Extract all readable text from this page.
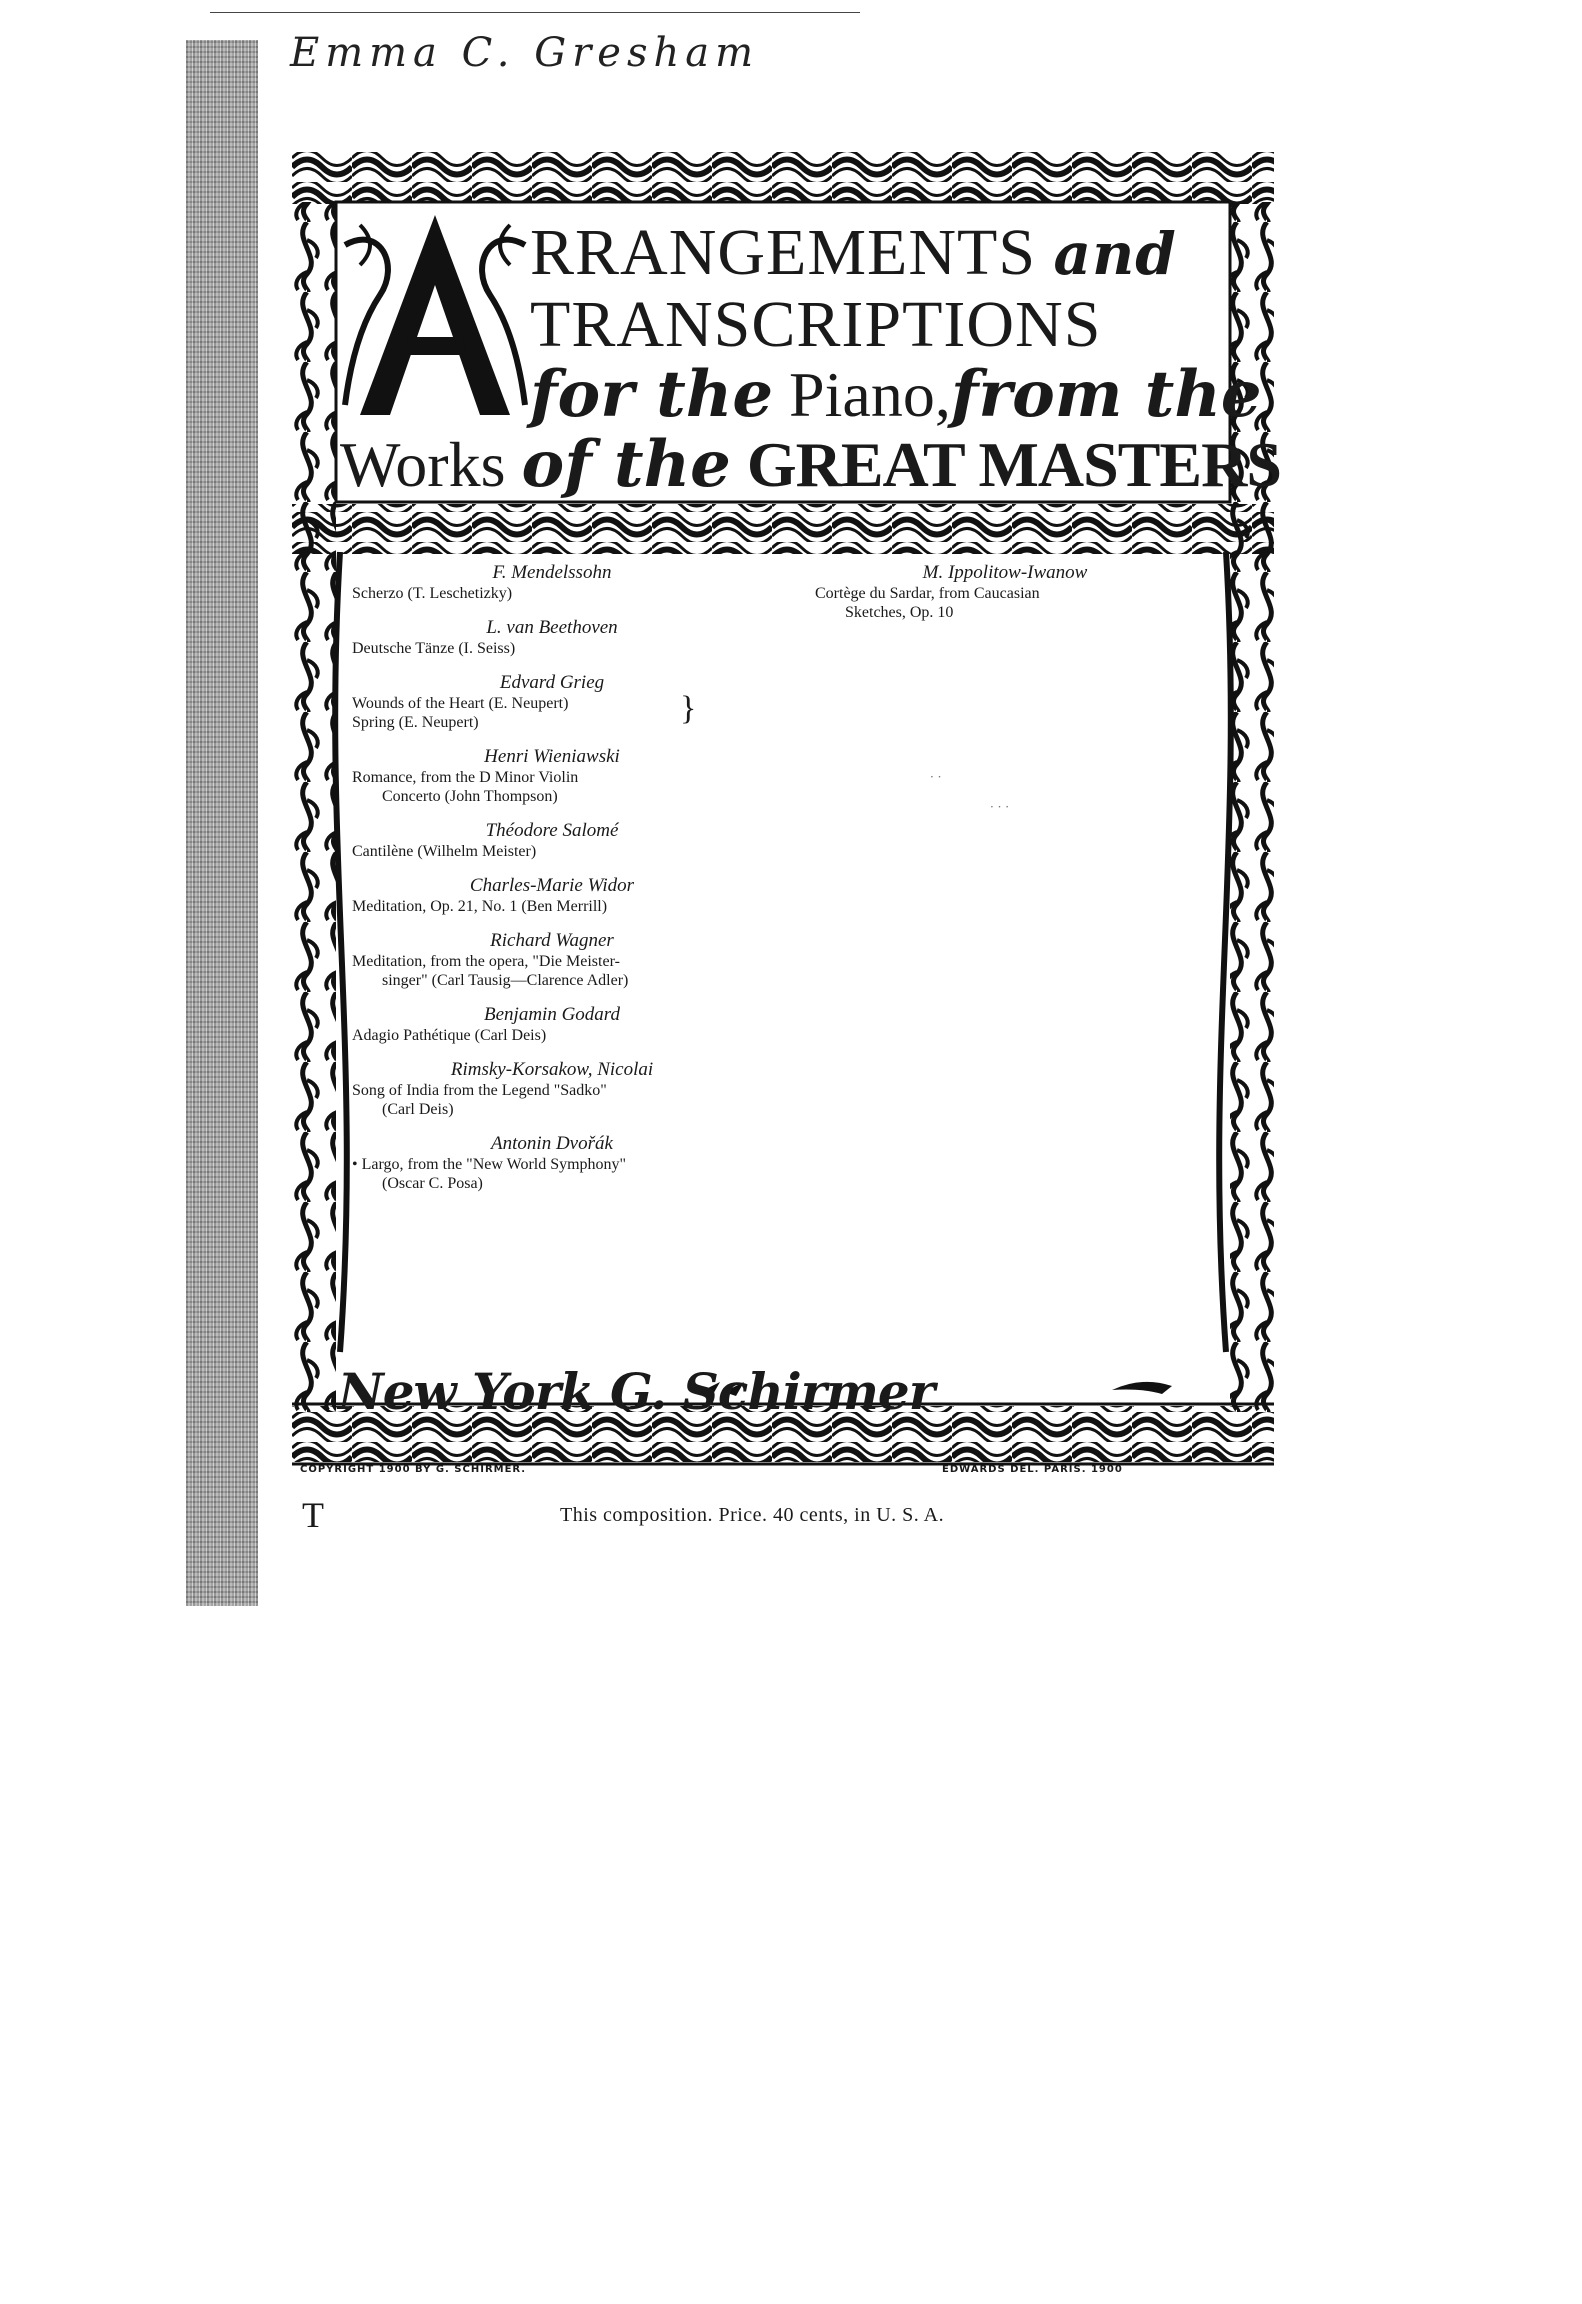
Emma C. Gresham
RRANGEMENTS and
TRANSCRIPTIONS
for the Piano,from the
Works of the GREAT MASTERS
F. Mendelssohn
Scherzo (T. Leschetizky)
L. van Beethoven
Deutsche Tänze (I. Seiss)
Edvard Grieg
Wounds of the Heart (E. Neupert)
Spring (E. Neupert)	}
Henri Wieniawski
Romance, from the D Minor Violin
Concerto (John Thompson)
Théodore Salomé
Cantilène (Wilhelm Meister)
Charles-Marie Widor
Meditation, Op. 21, No. 1 (Ben Merrill)
Richard Wagner
Meditation, from the opera, "Die Meister-
singer" (Carl Tausig—Clarence Adler)
Benjamin Godard
Adagio Pathétique (Carl Deis)
Rimsky-Korsakow, Nicolai
Song of India from the Legend "Sadko"
(Carl Deis)
Antonin Dvořák
• Largo, from the "New World Symphony"
(Oscar C. Posa)
M. Ippolitow-Iwanow
Cortège du Sardar, from Caucasian
Sketches, Op. 10
· ·
· · ·
New York G. Schirmer
COPYRIGHT 1900 BY G. SCHIRMER.	EDWARDS DEL. PARIS. 1900
T	This composition. Price. 40 cents, in U. S. A.
